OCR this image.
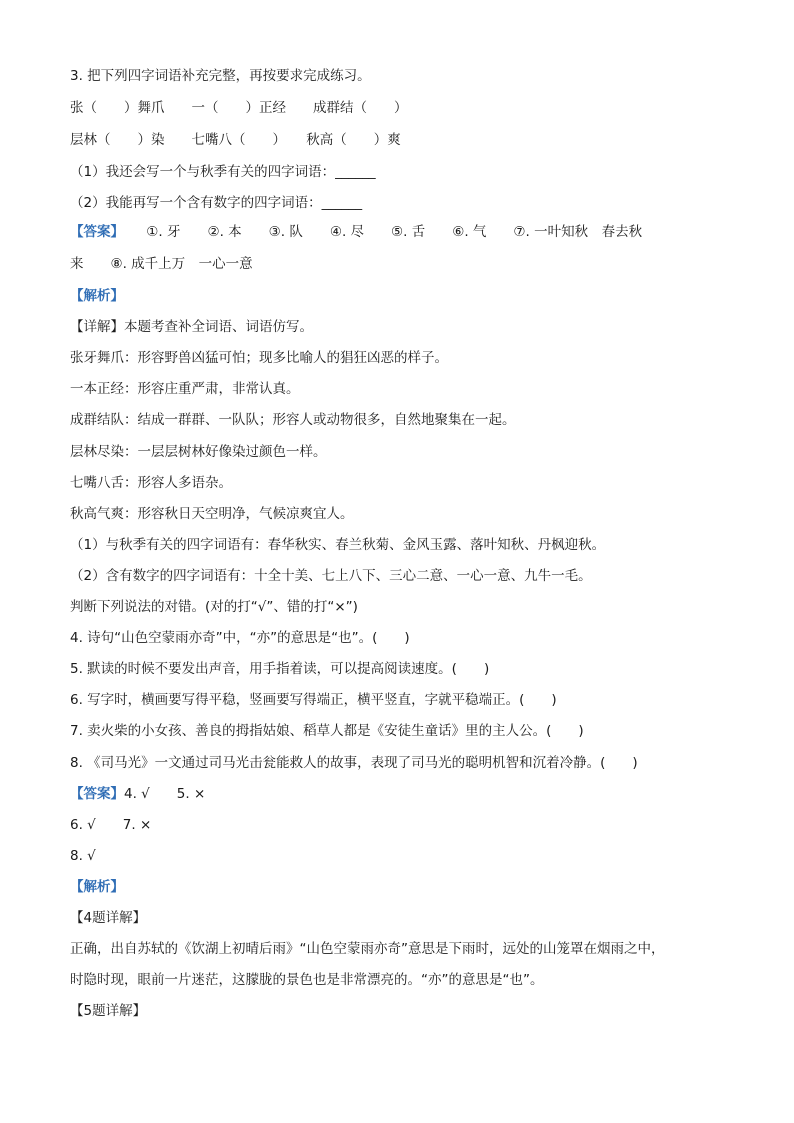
3. 把下列四字词语补充完整，再按要求完成练习。
张（　　）舞爪　　一（　　）正经　　成群结（　　）
层林（　　）染　　七嘴八（　　）　　秋高（　　）爽
（1）我还会写一个与秋季有关的四字词语：______
（2）我能再写一个含有数字的四字词语：______
【答案】 ①. 牙　　②. 本　　③. 队　　④. 尽　　⑤. 舌　　⑥. 气　　⑦. 一叶知秋　春去秋
来　　⑧. 成千上万　一心一意
【解析】
【详解】本题考查补全词语、词语仿写。
张牙舞爪：形容野兽凶猛可怕；现多比喻人的猖狂凶恶的样子。
一本正经：形容庄重严肃，非常认真。
成群结队：结成一群群、一队队；形容人或动物很多，自然地聚集在一起。
层林尽染：一层层树林好像染过颜色一样。
七嘴八舌：形容人多语杂。
秋高气爽：形容秋日天空明净，气候凉爽宜人。
（1）与秋季有关的四字词语有：春华秋实、春兰秋菊、金风玉露、落叶知秋、丹枫迎秋。
（2）含有数字的四字词语有：十全十美、七上八下、三心二意、一心一意、九牛一毛。
判断下列说法的对错。(对的打“√”、错的打“×”)
4. 诗句“山色空蒙雨亦奇”中，“亦”的意思是“也”。(　　)
5. 默读的时候不要发出声音，用手指着读，可以提高阅读速度。(　　)
6. 写字时，横画要写得平稳，竖画要写得端正，横平竖直，字就平稳端正。(　　)
7. 卖火柴的小女孩、善良的拇指姑娘、稻草人都是《安徒生童话》里的主人公。(　　)
8. 《司马光》一文通过司马光击瓮能救人的故事，表现了司马光的聪明机智和沉着冷静。(　　)
【答案】4. √　　5. ×
6. √　　7. ×
8. √
【解析】
【4题详解】
正确，出自苏轼的《饮湖上初晴后雨》“山色空蒙雨亦奇”意思是下雨时，远处的山笼罩在烟雨之中，
时隐时现，眼前一片迷茫，这朦胧的景色也是非常漂亮的。“亦”的意思是“也”。
【5题详解】
